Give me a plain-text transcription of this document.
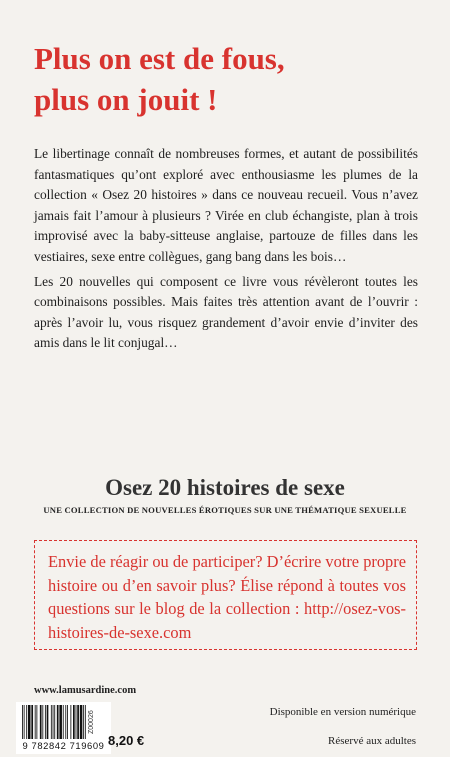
Plus on est de fous,
plus on jouit !

Le libertinage connaît de nombreuses formes, et autant de possibilités fantasmatiques qu’ont exploré avec enthousiasme les plumes de la collection « Osez 20 histoires » dans ce nouveau recueil. Vous n’avez jamais fait l’amour à plusieurs ? Virée en club échangiste, plan à trois improvisé avec la baby-sitteuse anglaise, partouze de filles dans les vestiaires, sexe entre collègues, gang bang dans les bois…

Les 20 nouvelles qui composent ce livre vous révèleront toutes les combinaisons possibles. Mais faites très attention avant de l’ouvrir : après l’avoir lu, vous risquez grandement d’avoir envie d’inviter des amis dans le lit conjugal…

Osez 20 histoires de sexe
UNE COLLECTION DE NOUVELLES ÉROTIQUES SUR UNE THÉMATIQUE SEXUELLE
Envie de réagir ou de participer? D’écrire votre propre histoire ou d’en savoir plus? Élise répond à toutes vos questions sur le blog de la collection : http://osez-vos-histoires-de-sexe.com
www.lamusardine.com
9 782842 719609
Z00026
8,20 €
Disponible en version numérique
Réservé aux adultes
